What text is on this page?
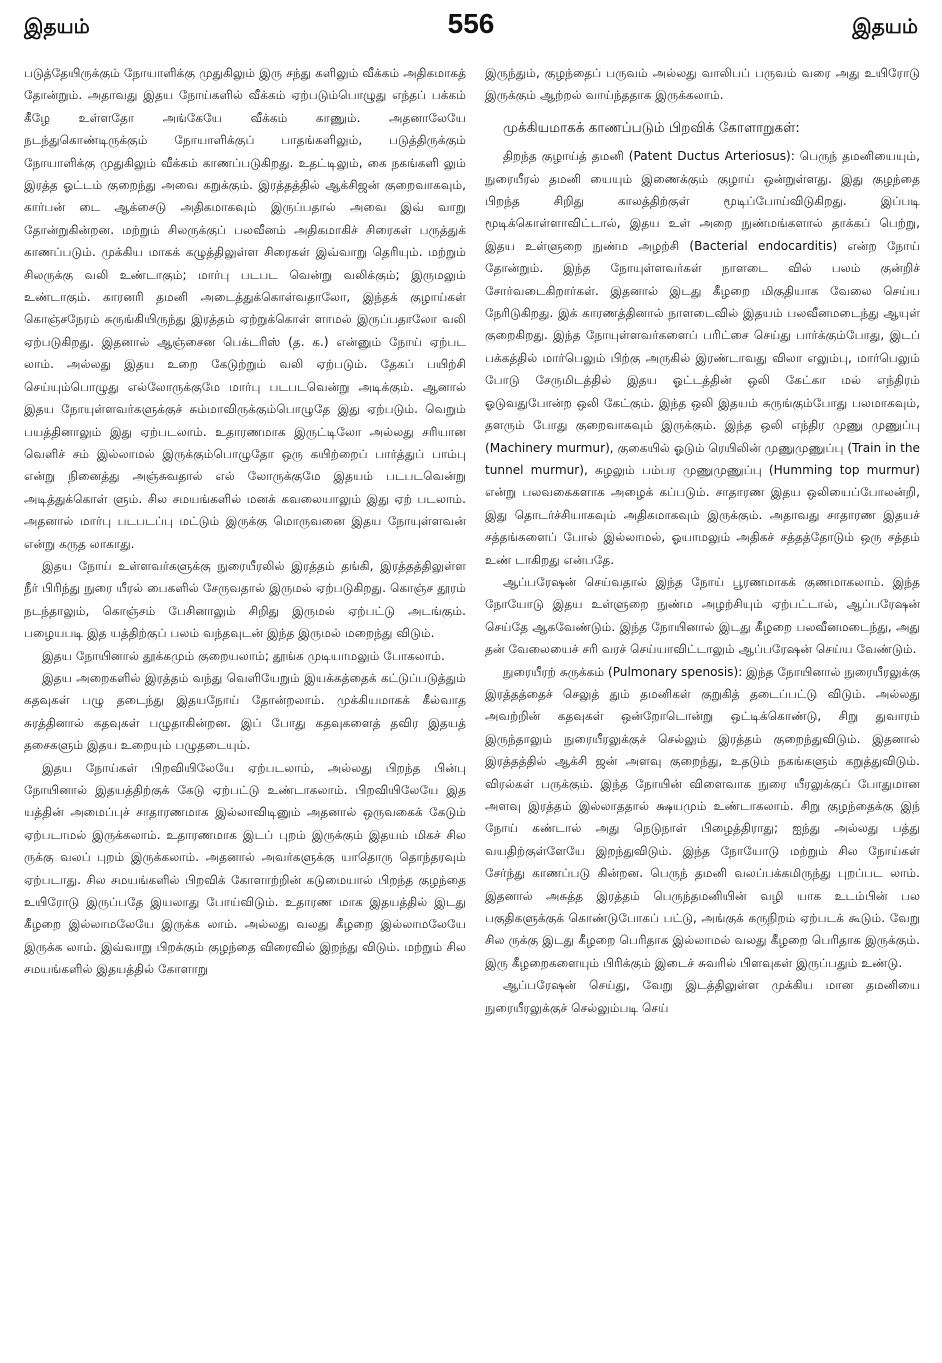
இதயம்	556	இதயம்

படுத்தேயிருக்கும் நோயாளிக்கு முதுகிலும் இரு சந்து களிலும் வீக்கம் அதிகமாகத் தோன்றும். அதாவது இதய நோய்களில் வீக்கம் ஏற்படும்பொழுது எந்தப் பக்கம் கீழே உள்ளதோ அங்கேயே வீக்கம் காணும். அதனாலேயே நடந்துகொண்டிருக்கும் நோயாளிக்குப் பாதங்களிலும், படுத்திருக்கும் நோயாளிக்கு முதுகிலும் வீக்கம் காணப்படுகிறது. உதட்டிலும், கை நகங்களி லும் இரத்த ஓட்டம் குறைந்து அவை கறுக்கும். இரத்தத்தில் ஆக்சிஜன் குறைவாகவும், கார்பன் டை ஆக்சைடு அதிகமாகவும் இருப்பதால் அவை இவ் வாறு தோன்றுகின்றன. மற்றும் சிலருக்குப் பலவீனம் அதிகமாகிச் சிரைகள் பருத்துக் காணப்படும். முக்கிய மாகக் கழுத்திலுள்ள சிரைகள் இவ்வாறு தெரியும். மற்றும் சிலருக்கு வலி உண்டாகும்; மார்பு படபட வென்று வலிக்கும்; இருமலும் உண்டாகும். காரனரி தமனி அடைத்துக்கொள்வதாலோ, இந்தக் குழாய்கள் கொஞ்சநேரம் சுருங்கியிருந்து இரத்தம் ஏற்றுக்கொள் ளாமல் இருப்பதாலோ வலி ஏற்படுகிறது. இதனால் ஆஞ்சைன பெக்டரிஸ் (த. க.) என்னும் நோய் ஏற்பட லாம். அல்லது இதய உறை கேடுற்றும் வலி ஏற்படும். தேகப் பயிற்சி செய்யும்பொழுது எல்லோருக்குமே மார்பு படபடவென்று அடிக்கும். ஆனால் இதய நோயுள்ளவர்களுக்குச் சும்மாவிருக்கும்பொழுதே இது ஏற்படும். வெறும் பயத்தினாலும் இது ஏற்படலாம். உதாரணமாக இருட்டிலோ அல்லது சரியான வெளிச் சம் இல்லாமல் இருக்கும்பொழுதோ ஒரு கயிற்றைப் பார்த்துப் பாம்பு என்று நினைத்து அஞ்சுவதால் எல் லோருக்குமே இதயம் படபடவென்று அடித்துக்கொள் ளும். சில சமயங்களில் மனக் கவலையாலும் இது ஏற் படலாம். அதனால் மார்பு படபடப்பு மட்டும் இருக்கு மொருவனை இதய நோயுள்ளவன் என்று கருத லாகாது.

இதய நோய் உள்ளவர்களுக்கு நுரையீரலில் இரத்தம் தங்கி, இரத்தத்திலுள்ள நீர் பிரிந்து நுரை யீரல் பைகளில் சேருவதால் இருமல் ஏற்படுகிறது. கொஞ்ச தூரம் நடந்தாலும், கொஞ்சம் பேசினாலும் சிறிது இருமல் ஏற்பட்டு அடங்கும். பழையபடி இத யத்திற்குப் பலம் வந்தவுடன் இந்த இருமல் மறைந்து விடும்.

இதய நோயினால் தூக்கமும் குறையலாம்; தூங்க முடியாமலும் போகலாம்.

இதய அறைகளில் இரத்தம் வந்து வெளியேறும் இயக்கத்தைக் கட்டுப்படுத்தும் கதவுகள் பழு தடைந்து இதயநோய் தோன்றலாம். முக்கியமாகக் கீல்வாத சுரத்தினால் கதவுகள் பழுதாகின்றன. இப் போது கதவுகளைத் தவிர இதயத் தசைகளும் இதய உறையும் பழுதடையும்.

இதய நோய்கள் பிறவியிலேயே ஏற்படலாம், அல்லது பிறந்த பின்பு நோயினால் இதயத்திற்குக் கேடு ஏற்பட்டு உண்டாகலாம். பிறவியிலேயே இத யத்தின் அமைப்புச் சாதாரணமாக இல்லாவிடினும் அதனால் ஒருவகைக் கேடும் ஏற்படாமல் இருக்கலாம். உதாரணமாக இடப் புறம் இருக்கும் இதயம் மிகச் சில ருக்கு வலப் புறம் இருக்கலாம். அதனால் அவர்களுக்கு யாதொரு தொந்தரவும் ஏற்படாது. சில சமயங்களில் பிறவிக் கோளாற்றின் கடுமையால் பிறந்த குழந்தை உயிரோடு இருப்பதே இயலாது போய்விடும். உதாரண மாக இதயத்தில் இடது கீழறை இல்லாமலேயே இருக்க லாம். அல்லது வலது கீழறை இல்லாமலேயே இருக்க லாம். இவ்வாறு பிறக்கும் குழந்தை விரைவில் இறந்து விடும். மற்றும் சில சமயங்களில் இதயத்தில் கோளாறு

இருந்தும், குழந்தைப் பருவம் அல்லது வாலிபப் பருவம் வரை அது உயிரோடு இருக்கும் ஆற்றல் வாய்ந்ததாக இருக்கலாம்.

முக்கியமாகக் காணப்படும் பிறவிக் கோளாறுகள்:

திறந்த குழாய்த் தமனி (Patent Ductus Arteriosus): பெருந் தமனியையும், நுரையீரல் தமனி யையும் இணைக்கும் குழாய் ஒன்றுள்ளது. இது குழந்தை பிறந்த சிறிது காலத்திற்குள் மூடிப்போய்விடுகிறது. இப்படி மூடிக்கொள்ளாவிட்டால், இதய உள் அறை நுண்மங்களால் தாக்கப் பெற்று, இதய உள்ளுறை நுண்ம அழற்சி (Bacterial endocarditis) என்ற நோய் தோன்றும். இந்த நோயுள்ளவர்கள் நாளடை வில் பலம் குன்றிச் சோர்வடைகிறார்கள். இதனால் இடது கீழறை மிகுதியாக வேலை செய்ய நேரிடுகிறது. இக் காரணத்தினால் நாளடைவில் இதயம் பலவீனமடைந்து ஆயுள் குறைகிறது. இந்த நோயுள்ளவர்களைப் பரிட்சை செய்து பார்க்கும்போது, இடப் பக்கத்தில் மார்பெலும் பிற்கு அருகில் இரண்டாவது விலா எலும்பு, மார்பெலும் போடு சேருமிடத்தில் இதய ஓட்டத்தின் ஒலி கேட்கா மல் எந்திரம் ஓடுவதுபோன்ற ஒலி கேட்கும். இந்த ஒலி இதயம் சுருங்கும்போது பலமாகவும், தளரும் போது குறைவாகவும் இருக்கும். இந்த ஒலி எந்திர முணு முணுப்பு (Machinery murmur), குகையில் ஓடும் ரெயிலின் முணுமுணுப்பு (Train in the tunnel murmur), சுழலும் பம்பர முணுமுணுப்பு (Humming top murmur) என்று பலவகைகளாக அழைக் கப்படும். சாதாரண இதய ஒலியைப்போலன்றி, இது தொடர்ச்சியாகவும் அதிகமாகவும் இருக்கும். அதாவது சாதாரண இதயச் சத்தங்களைப் போல் இல்லாமல், ஓயாமலும் அதிகச் சத்தத்தோடும் ஒரு சத்தம் உண் டாகிறது என்பதே.

ஆப்பரேஷன் செய்வதால் இந்த நோய் பூரணமாகக் குணமாகலாம். இந்த நோயோடு இதய உள்ளுறை நுண்ம அழற்சியும் ஏற்பட்டால், ஆப்பரேஷன் செய்தே ஆகவேண்டும். இந்த நோயினால் இடது கீழறை பலவீனமடைந்து, அது தன் வேலையைச் சரி வரச் செய்யாவிட்டாலும் ஆப்பரேஷன் செய்ய வேண்டும்.

நுரையீரற் சுருக்கம் (Pulmonary spenosis): இந்த நோயினால் நுரையீரலுக்கு இரத்தத்தைச் செலுத் தும் தமனிகள் குறுகித் தடைப்பட்டு விடும். அல்லது அவற்றின் கதவுகள் ஒன்றோடொன்று ஒட்டிக்கொண்டு, சிறு துவாரம் இருந்தாலும் நுரையீரலுக்குச் செல்லும் இரத்தம் குறைந்துவிடும். இதனால் இரத்தத்தில் ஆக்சி ஜன் அளவு குறைந்து, உதடும் நகங்களும் கறுத்துவிடும். விரல்கள் பருக்கும். இந்த நோயின் விளைவாக நுரை யீரலுக்குப் போதுமான அளவு இரத்தம் இல்லாததால் க்ஷயமும் உண்டாகலாம். சிறு குழந்தைக்கு இந் நோய் கண்டால் அது நெடுநாள் பிழைத்திராது; ஐந்து அல்லது பத்து வயதிற்குள்ளேயே இறந்துவிடும். இந்த நோயோடு மற்றும் சில நோய்கள் சேர்ந்து காணப்படு கின்றன. பெருந் தமனி வலப்பக்கமிருந்து புறப்பட லாம். இதனால் அசுத்த இரத்தம் பெருந்தமனியின் வழி யாக உடம்பின் பல பகுதிகளுக்குக் கொண்டுபோகப் பட்டு, அங்குக் கருநிறம் ஏற்படக் கூடும். வேறு சில ருக்கு இடது கீழறை பெரிதாக இல்லாமல் வலது கீழறை பெரிதாக இருக்கும். இரு கீழறைகளையும் பிரிக்கும் இடைச் சுவரில் பிளவுகள் இருப்பதும் உண்டு.

ஆப்பரேஷன் செய்து, வேறு இடத்திலுள்ள முக்கிய மான தமனியை நுரையீரலுக்குச் செல்லும்படி செய்
